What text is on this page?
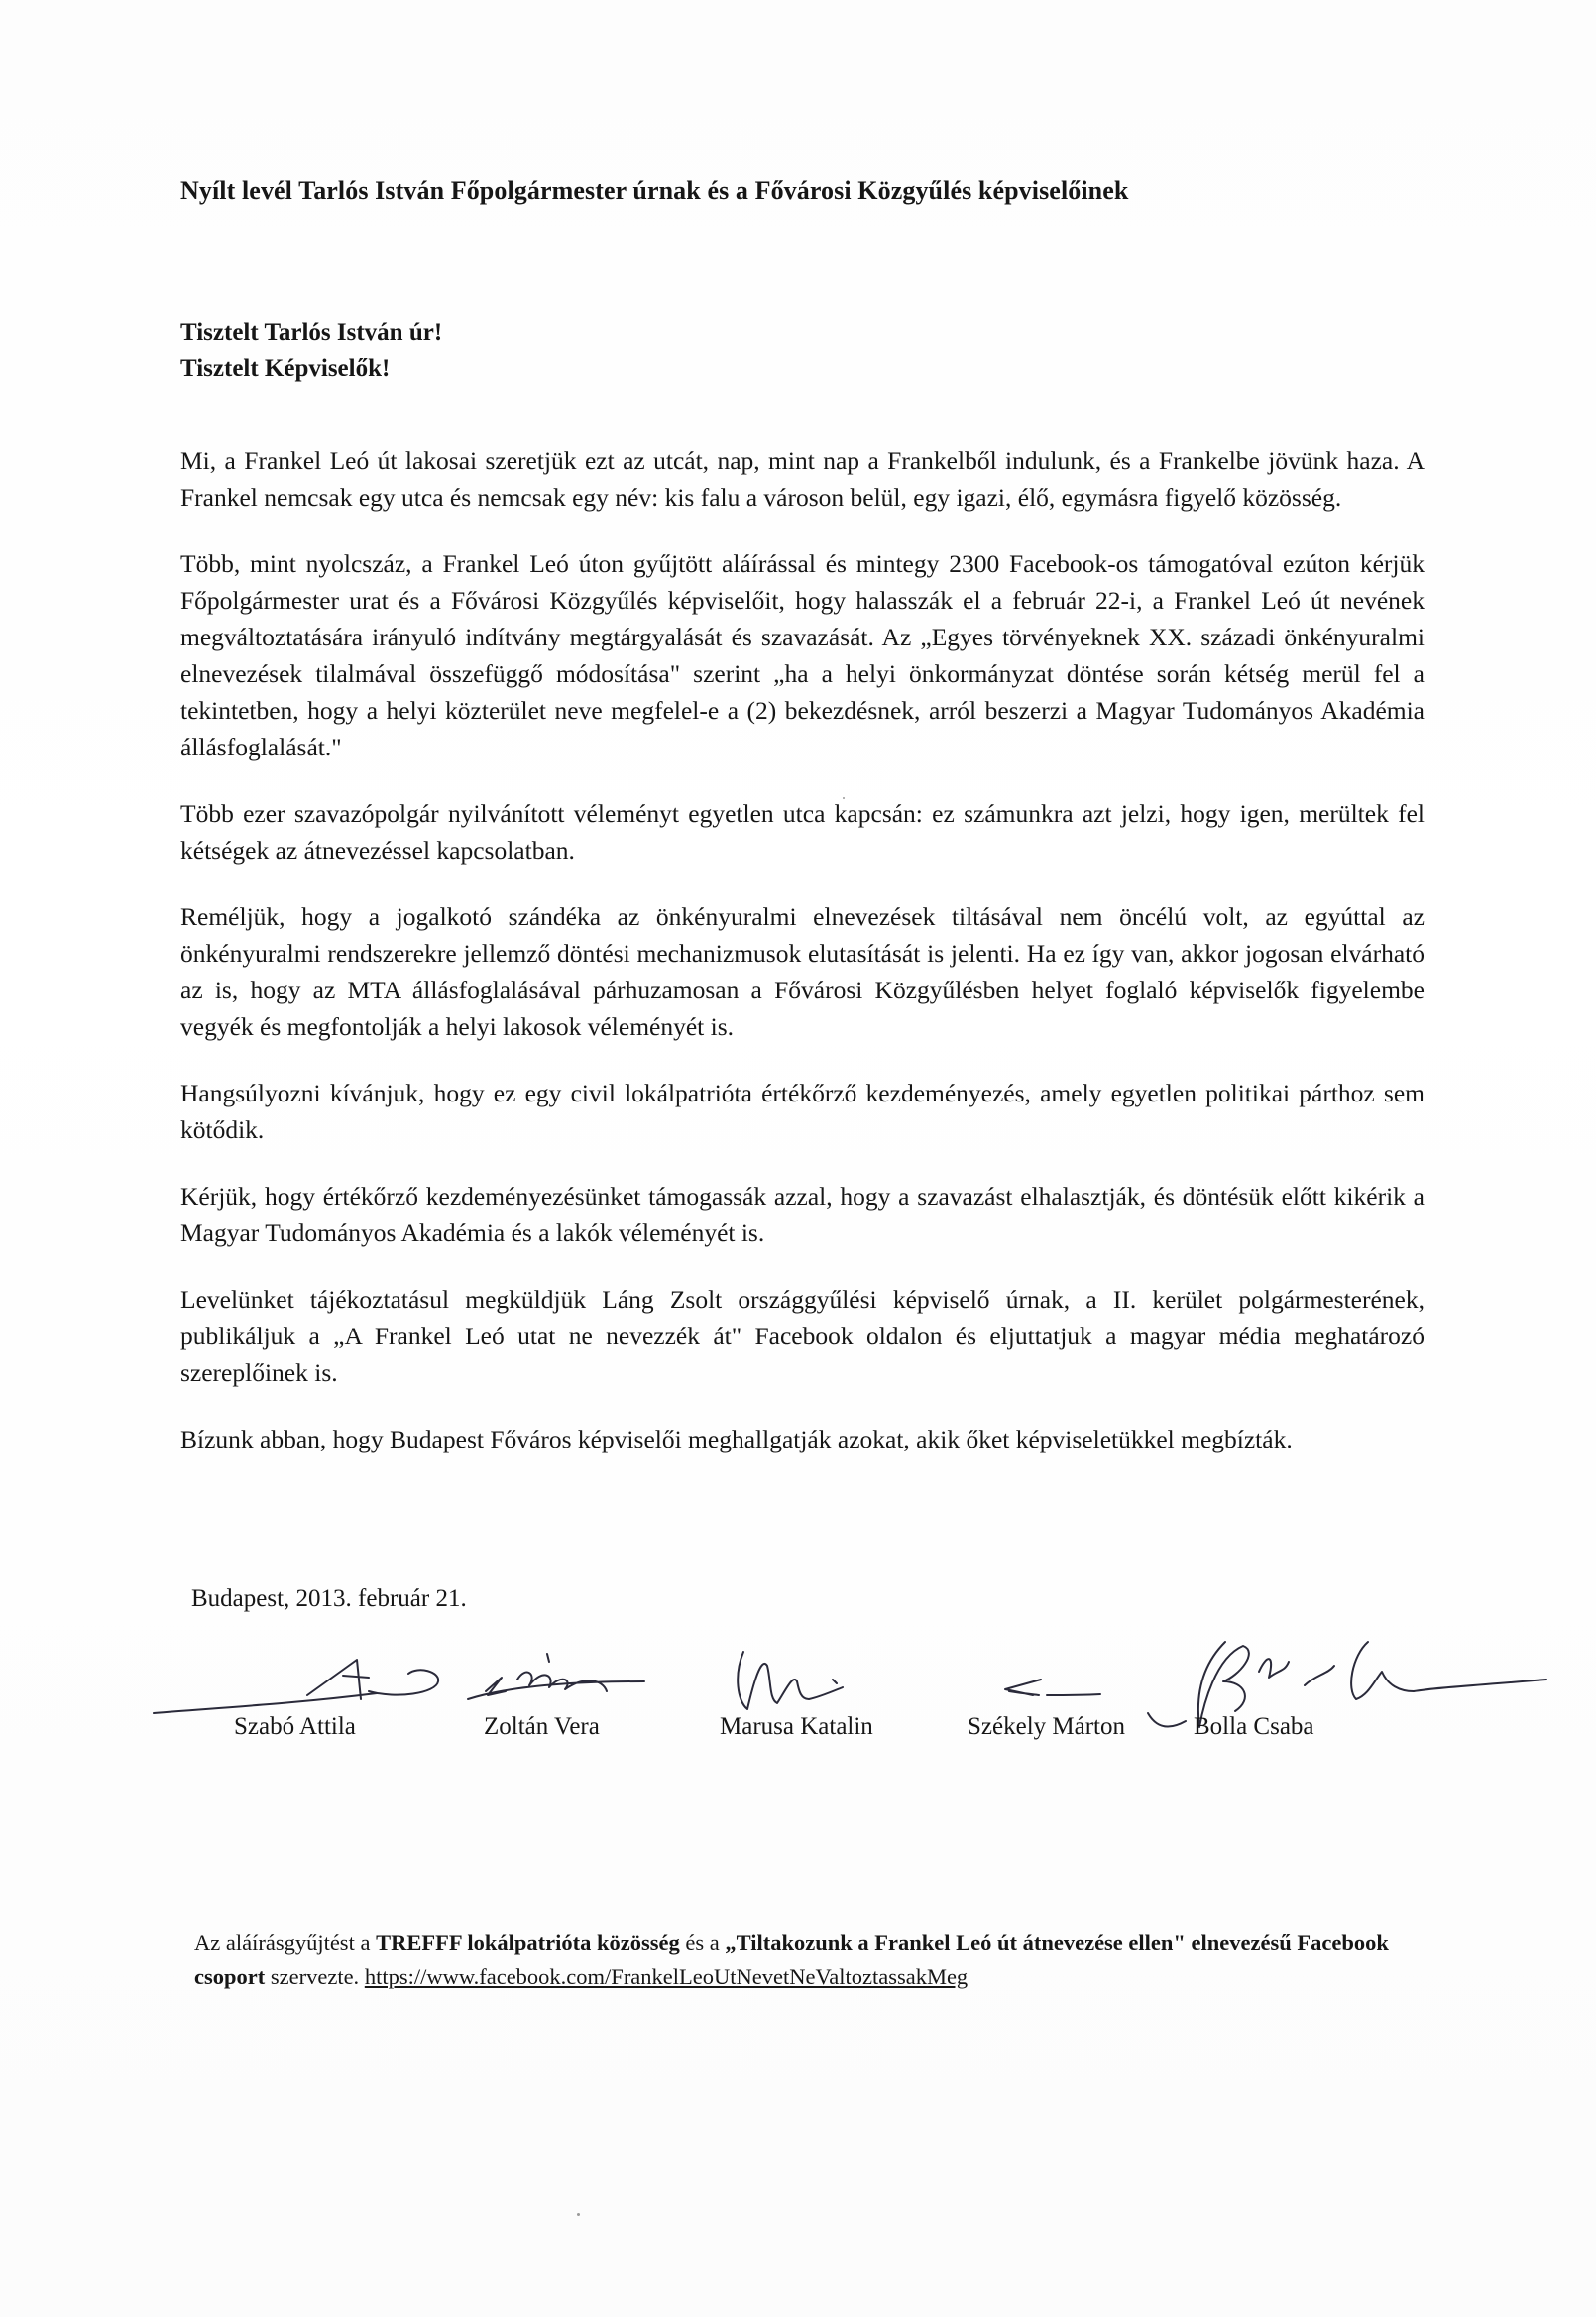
Nyílt levél Tarlós István Főpolgármester úrnak és a Fővárosi Közgyűlés képviselőinek
Tisztelt Tarlós István úr!
Tisztelt Képviselők!

Mi, a Frankel Leó út lakosai szeretjük ezt az utcát, nap, mint nap a Frankelből indulunk, és a Frankelbe jövünk haza. A Frankel nemcsak egy utca és nemcsak egy név: kis falu a városon belül, egy igazi, élő, egymásra figyelő közösség.

Több, mint nyolcszáz, a Frankel Leó úton gyűjtött aláírással és mintegy 2300 Facebook-os támogatóval ezúton kérjük Főpolgármester urat és a Fővárosi Közgyűlés képviselőit, hogy halasszák el a február 22-i, a Frankel Leó út nevének megváltoztatására irányuló indítvány megtárgyalását és szavazását. Az „Egyes törvényeknek XX. századi önkényuralmi elnevezések tilalmával összefüggő módosítása" szerint „ha a helyi önkormányzat döntése során kétség merül fel a tekintetben, hogy a helyi közterület neve megfelel-e a (2) bekezdésnek, arról beszerzi a Magyar Tudományos Akadémia állásfoglalását."

Több ezer szavazópolgár nyilvánított véleményt egyetlen utca kapcsán: ez számunkra azt jelzi, hogy igen, merültek fel kétségek az átnevezéssel kapcsolatban.

Reméljük, hogy a jogalkotó szándéka az önkényuralmi elnevezések tiltásával nem öncélú volt, az egyúttal az önkényuralmi rendszerekre jellemző döntési mechanizmusok elutasítását is jelenti. Ha ez így van, akkor jogosan elvárható az is, hogy az MTA állásfoglalásával párhuzamosan a Fővárosi Közgyűlésben helyet foglaló képviselők figyelembe vegyék és megfontolják a helyi lakosok véleményét is.

Hangsúlyozni kívánjuk, hogy ez egy civil lokálpatrióta értékőrző kezdeményezés, amely egyetlen politikai párthoz sem kötődik.

Kérjük, hogy értékőrző kezdeményezésünket támogassák azzal, hogy a szavazást elhalasztják, és döntésük előtt kikérik a Magyar Tudományos Akadémia és a lakók véleményét is.

Levelünket tájékoztatásul megküldjük Láng Zsolt országgyűlési képviselő úrnak, a II. kerület polgármesterének, publikáljuk a „A Frankel Leó utat ne nevezzék át" Facebook oldalon és eljuttatjuk a magyar média meghatározó szereplőinek is.

Bízunk abban, hogy Budapest Főváros képviselői meghallgatják azokat, akik őket képviseletükkel megbízták.

Budapest, 2013. február 21.
Szabó Attila	Zoltán Vera	Marusa Katalin	Székely Márton	Bolla Csaba
Az aláírásgyűjtést a TREFFF lokálpatrióta közösség és a „Tiltakozunk a Frankel Leó út átnevezése ellen" elnevezésű Facebook csoport szervezte. https://www.facebook.com/FrankelLeoUtNevetNeValtoztassakMeg
